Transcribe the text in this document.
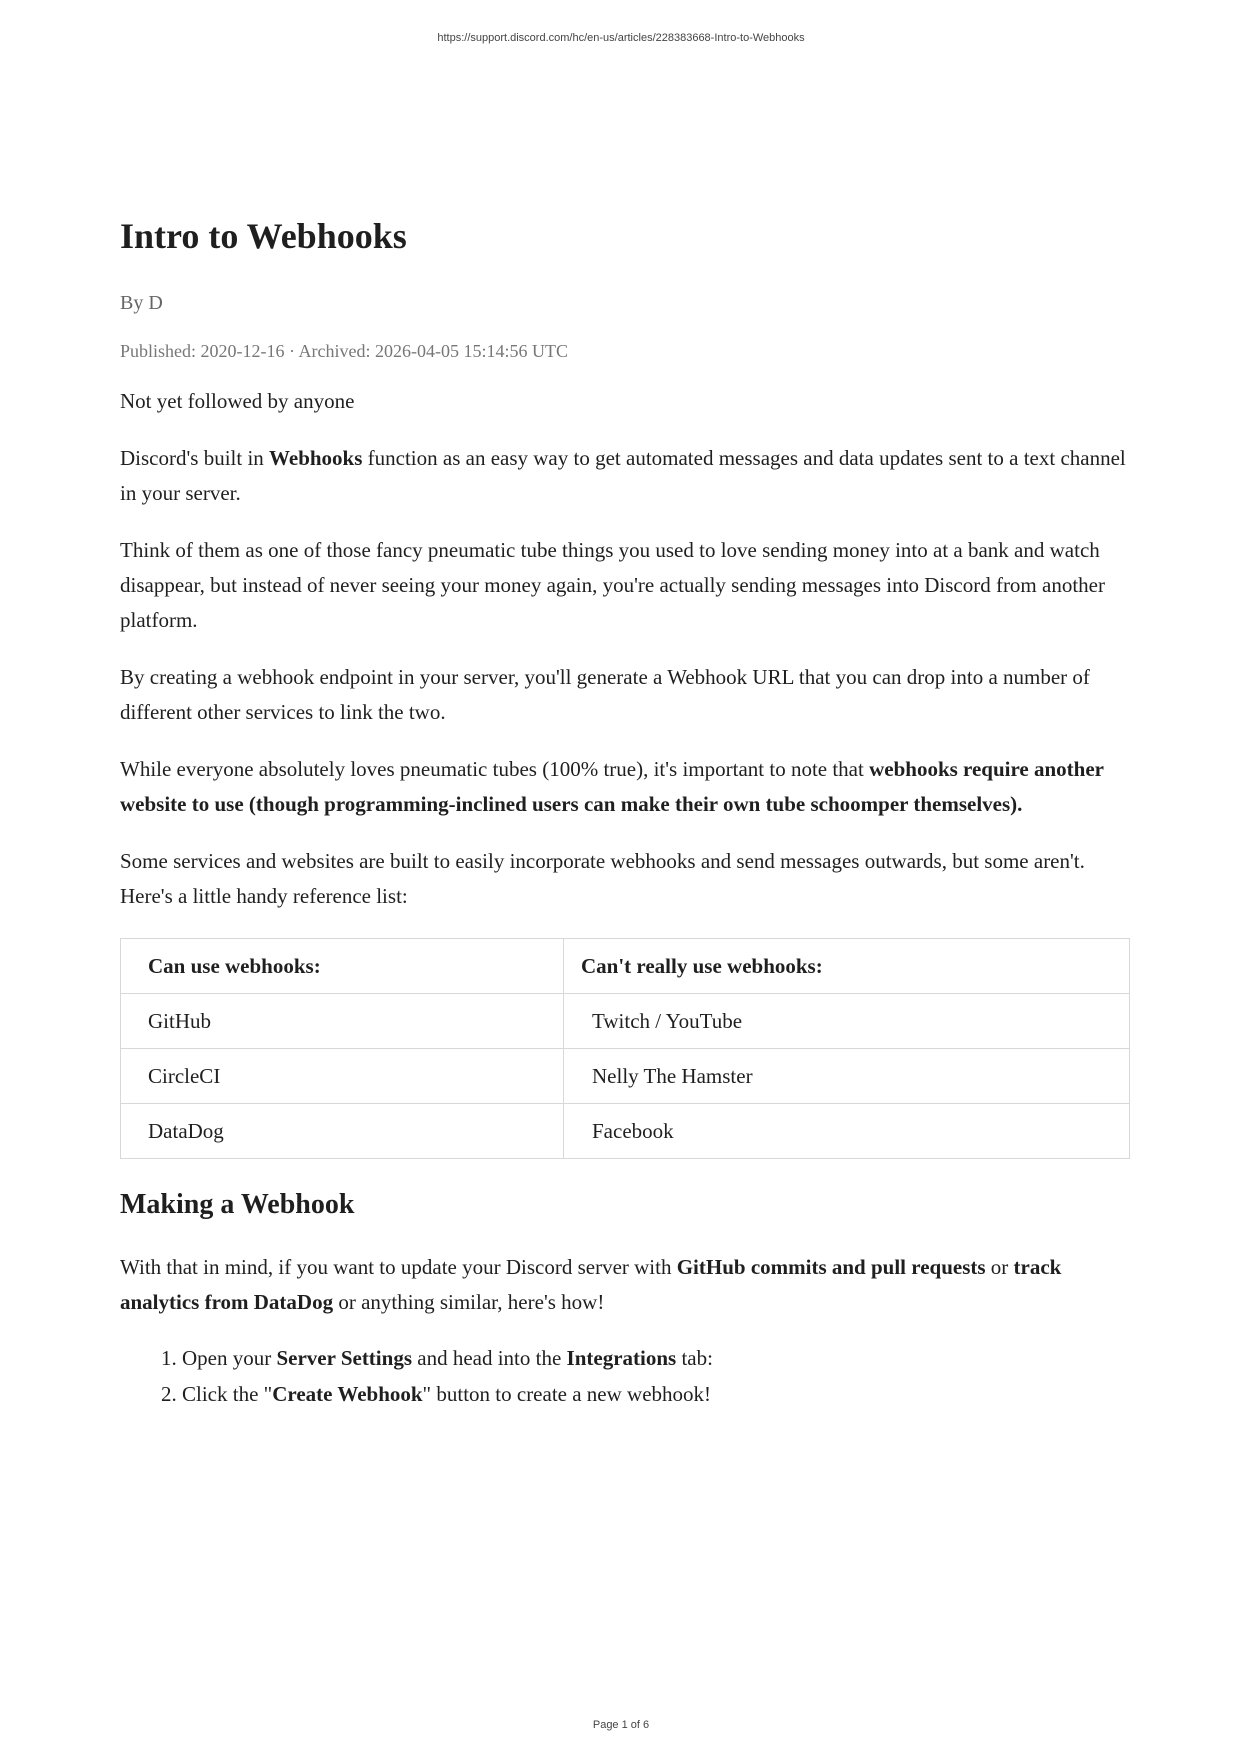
https://support.discord.com/hc/en-us/articles/228383668-Intro-to-Webhooks
Intro to Webhooks
By D
Published: 2020-12-16 · Archived: 2026-04-05 15:14:56 UTC

Not yet followed by anyone

Discord's built in Webhooks function as an easy way to get automated messages and data updates sent to a text channel in your server.

Think of them as one of those fancy pneumatic tube things you used to love sending money into at a bank and watch disappear, but instead of never seeing your money again, you're actually sending messages into Discord from another platform.

By creating a webhook endpoint in your server, you'll generate a Webhook URL that you can drop into a number of different other services to link the two.

While everyone absolutely loves pneumatic tubes (100% true), it's important to note that webhooks require another website to use (though programming-inclined users can make their own tube schoomper themselves).

Some services and websites are built to easily incorporate webhooks and send messages outwards, but some aren't. Here's a little handy reference list:

Can use webhooks:	Can't really use webhooks:
GitHub	Twitch / YouTube
CircleCI	Nelly The Hamster
DataDog	Facebook
Making a Webhook

With that in mind, if you want to update your Discord server with GitHub commits and pull requests or track analytics from DataDog or anything similar, here's how!

1. Open your Server Settings and head into the Integrations tab:
2. Click the "Create Webhook" button to create a new webhook!
Page 1 of 6
